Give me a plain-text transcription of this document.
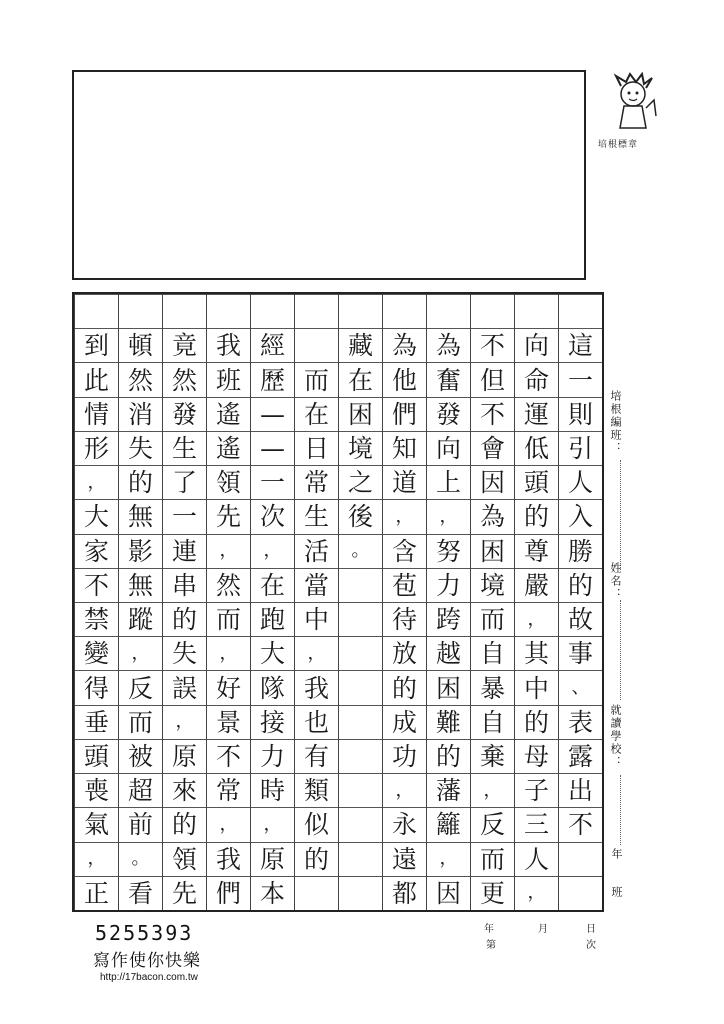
培根標章
這
一
則
引
人
入
勝
的
故
事
、
表
露
出
不
向
命
運
低
頭
的
尊
嚴
，
其
中
的
母
子
三
人
，
不
但
不
會
因
為
困
境
而
自
暴
自
棄
，
反
而
更
為
奮
發
向
上
，
努
力
跨
越
困
難
的
藩
籬
，
因
為
他
們
知
道
，
含
苞
待
放
的
成
功
，
永
遠
都
藏
在
困
境
之
後
。
而
在
日
常
生
活
當
中
，
我
也
有
類
似
的
經
歷
—
—
一
次
，
在
跑
大
隊
接
力
時
，
原
本
我
班
遙
遙
領
先
，
然
而
，
好
景
不
常
，
我
們
竟
然
發
生
了
一
連
串
的
失
誤
，
原
來
的
領
先
頓
然
消
失
的
無
影
無
蹤
，
反
而
被
超
前
。
看
到
此
情
形
，
大
家
不
禁
變
得
垂
頭
喪
氣
，
正
培根編班：
姓名：
就讀學校：
年
班
年	月	日
第	次
5255393
寫作使你快樂
http://17bacon.com.tw
